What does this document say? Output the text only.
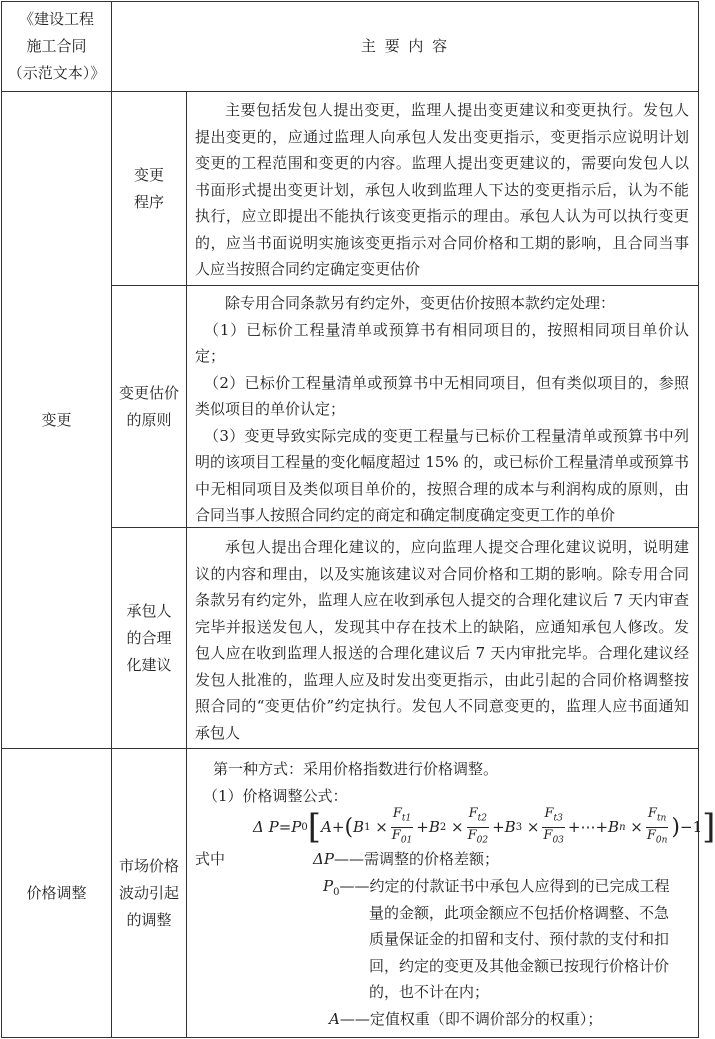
《建设工程
施工合同
（示范文本）》
主 要 内 容
变更
变更
程序

主要包括发包人提出变更，监理人提出变更建议和变更执行。发包人提出变更的，应通过监理人向承包人发出变更指示，变更指示应说明计划变更的工程范围和变更的内容。监理人提出变更建议的，需要向发包人以书面形式提出变更计划，承包人收到监理人下达的变更指示后，认为不能执行，应立即提出不能执行该变更指示的理由。承包人认为可以执行变更的，应当书面说明实施该变更指示对合同价格和工期的影响，且合同当事人应当按照合同约定确定变更估价

变更估价
的原则

除专用合同条款另有约定外，变更估价按照本款约定处理：

（1）已标价工程量清单或预算书有相同项目的，按照相同项目单价认定；

（2）已标价工程量清单或预算书中无相同项目，但有类似项目的，参照类似项目的单价认定；

（3）变更导致实际完成的变更工程量与已标价工程量清单或预算书中列明的该项目工程量的变化幅度超过 15% 的，或已标价工程量清单或预算书中无相同项目及类似项目单价的，按照合理的成本与利润构成的原则，由合同当事人按照合同约定的商定和确定制度确定变更工作的单价

承包人
的合理
化建议

承包人提出合理化建议的，应向监理人提交合理化建议说明，说明建议的内容和理由，以及实施该建议对合同价格和工期的影响。除专用合同条款另有约定外，监理人应在收到承包人提交的合理化建议后 7 天内审查完毕并报送发包人，发现其中存在技术上的缺陷，应通知承包人修改。发包人应在收到监理人报送的合理化建议后 7 天内审批完毕。合理化建议经发包人批准的，监理人应及时发出变更指示，由此引起的合同价格调整按照合同的“变更估价”约定执行。发包人不同意变更的，监理人应书面通知承包人

价格调整
市场价格
波动引起
的调整
第一种方式：采用价格指数进行价格调整。
（1）价格调整公式：
Δ P = P 0 [ A + ( B $1 \times \frac{F_{t1}}{F_{01}} + B$ $2 \times \frac{F_{t2}}{F_{02}} + B$ $3 \times \frac{F_{t3}}{F_{03}}$ +⋯+ B $n \times \frac{F_{tn}}{F_{0n}}$ ) −1 ]
式中	ΔP——需调整的价格差额；
$P_0——$约定的付款证书中承包人应得到的已完成工程
量的金额，此项金额应不包括价格调整、不急
质量保证金的扣留和支付、预付款的支付和扣
回，约定的变更及其他金额已按现行价格计价
的，也不计在内；
A——定值权重（即不调价部分的权重）；
